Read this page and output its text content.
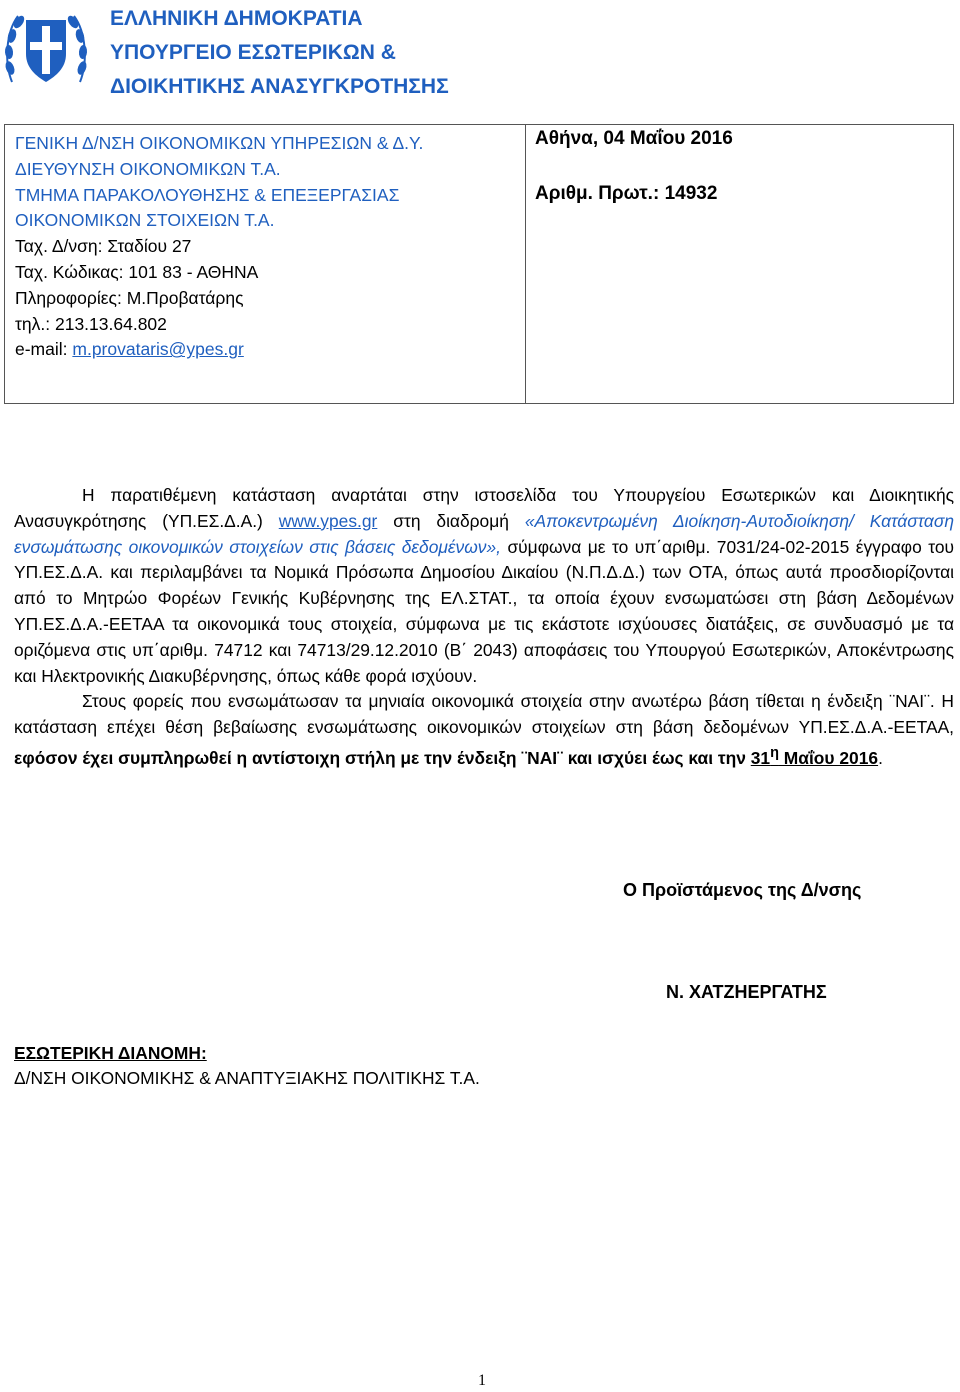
ΕΛΛΗΝΙΚΗ ΔΗΜΟΚΡΑΤΙΑ
ΥΠΟΥΡΓΕΙΟ ΕΣΩΤΕΡΙΚΩΝ &
ΔΙΟΙΚΗΤΙΚΗΣ ΑΝΑΣΥΓΚΡΟΤΗΣΗΣ
ΓΕΝΙΚΗ Δ/ΝΣΗ ΟΙΚΟΝΟΜΙΚΩΝ ΥΠΗΡΕΣΙΩΝ & Δ.Υ.
ΔΙΕΥΘΥΝΣΗ ΟΙΚΟΝΟΜΙΚΩΝ Τ.Α.
ΤΜΗΜΑ ΠΑΡΑΚΟΛΟΥΘΗΣΗΣ & ΕΠΕΞΕΡΓΑΣΙΑΣ
ΟΙΚΟΝΟΜΙΚΩΝ ΣΤΟΙΧΕΙΩΝ Τ.Α.
Ταχ. Δ/νση: Σταδίου 27
Ταχ. Κώδικας: 101 83 - ΑΘΗΝΑ
Πληροφορίες: Μ.Προβατάρης
τηλ.: 213.13.64.802
e-mail: m.provataris@ypes.gr
Αθήνα, 04 Μαΐου 2016
Αριθμ. Πρωτ.: 14932

Η παρατιθέμενη κατάσταση αναρτάται στην ιστοσελίδα του Υπουργείου Εσωτερικών και Διοικητικής Ανασυγκρότησης (ΥΠ.ΕΣ.Δ.Α.) www.ypes.gr στη διαδρομή «Αποκεντρωμένη Διοίκηση-Αυτοδιοίκηση/ Κατάσταση ενσωμάτωσης οικονομικών στοιχείων στις βάσεις δεδομένων», σύμφωνα με το υπ΄αριθμ. 7031/24-02-2015 έγγραφο του ΥΠ.ΕΣ.Δ.Α. και περιλαμβάνει τα Νομικά Πρόσωπα Δημοσίου Δικαίου (Ν.Π.Δ.Δ.) των ΟΤΑ, όπως αυτά προσδιορίζονται από το Μητρώο Φορέων Γενικής Κυβέρνησης της ΕΛ.ΣΤΑΤ., τα οποία έχουν ενσωματώσει στη βάση Δεδομένων ΥΠ.ΕΣ.Δ.Α.-ΕΕΤΑΑ τα οικονομικά τους στοιχεία, σύμφωνα με τις εκάστοτε ισχύουσες διατάξεις, σε συνδυασμό με τα οριζόμενα στις υπ΄αριθμ. 74712 και 74713/29.12.2010 (Β΄ 2043) αποφάσεις του Υπουργού Εσωτερικών, Αποκέντρωσης και Ηλεκτρονικής Διακυβέρνησης, όπως κάθε φορά ισχύουν.

Στους φορείς που ενσωμάτωσαν τα μηνιαία οικονομικά στοιχεία στην ανωτέρω βάση τίθεται η ένδειξη ¨ΝΑΙ¨. Η κατάσταση επέχει θέση βεβαίωσης ενσωμάτωσης οικονομικών στοιχείων στη βάση δεδομένων ΥΠ.ΕΣ.Δ.Α.-ΕΕΤΑΑ, εφόσον έχει συμπληρωθεί η αντίστοιχη στήλη με την ένδειξη ¨ΝΑΙ¨ και ισχύει έως και την $31^\eta$ Μαΐου 2016.

Ο Προϊστάμενος της Δ/νσης
Ν. ΧΑΤΖΗΕΡΓΑΤΗΣ
ΕΣΩΤΕΡΙΚΗ ΔΙΑΝΟΜΗ:
Δ/ΝΣΗ ΟΙΚΟΝΟΜΙΚΗΣ & ΑΝΑΠΤΥΞΙΑΚΗΣ ΠΟΛΙΤΙΚΗΣ Τ.Α.
1
